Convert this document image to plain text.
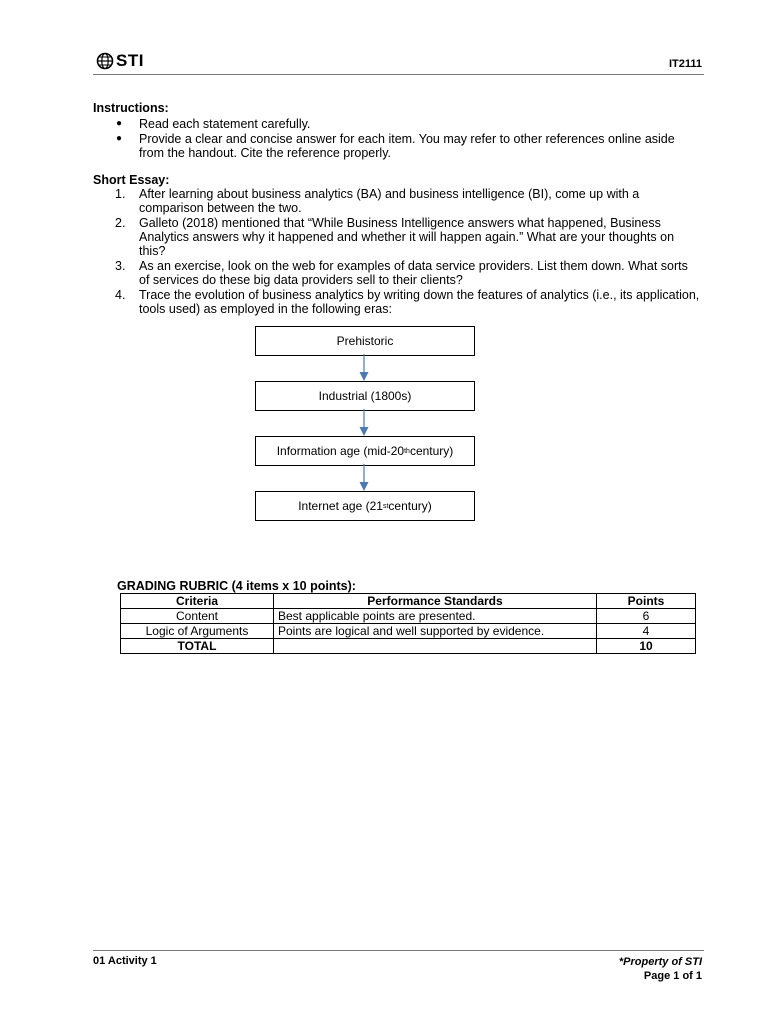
STI	IT2111
Instructions:
● Read each statement carefully.
● Provide a clear and concise answer for each item. You may refer to other references online aside from the handout. Cite the reference properly.
Short Essay:
1. After learning about business analytics (BA) and business intelligence (BI), come up with a comparison between the two.
2. Galleto (2018) mentioned that “While Business Intelligence answers what happened, Business Analytics answers why it happened and whether it will happen again.” What are your thoughts on this?
3. As an exercise, look on the web for examples of data service providers. List them down. What sorts of services do these big data providers sell to their clients?
4. Trace the evolution of business analytics by writing down the features of analytics (i.e., its application, tools used) as employed in the following eras:
Prehistoric
Industrial (1800s)
Information age (mid-20 th century)
Internet age (21 st century)
GRADING RUBRIC (4 items x 10 points):
Criteria	Performance Standards	Points
Content	Best applicable points are presented.	6
Logic of Arguments	Points are logical and well supported by evidence.	4
TOTAL		10
01 Activity 1	*Property of STI
Page 1 of 1
